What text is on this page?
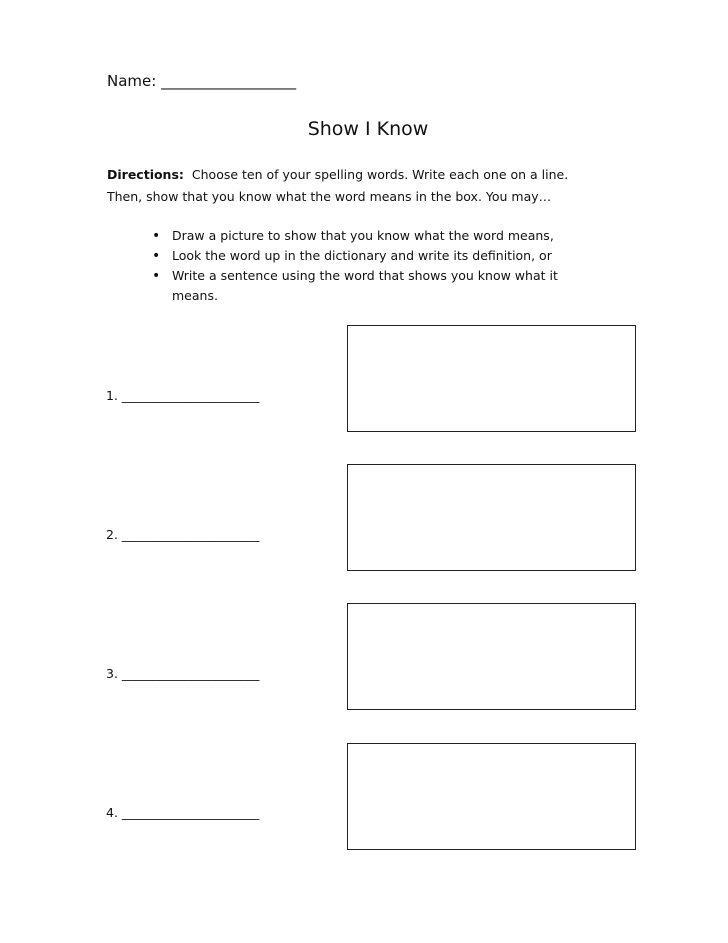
Name: __________________
Show I Know
Directions: Choose ten of your spelling words. Write each one on a line.
Then, show that you know what the word means in the box. You may…
• Draw a picture to show that you know what the word means,
• Look the word up in the dictionary and write its definition, or
• Write a sentence using the word that shows you know what it means.
1. ______________________
2. ______________________
3. ______________________
4. ______________________
